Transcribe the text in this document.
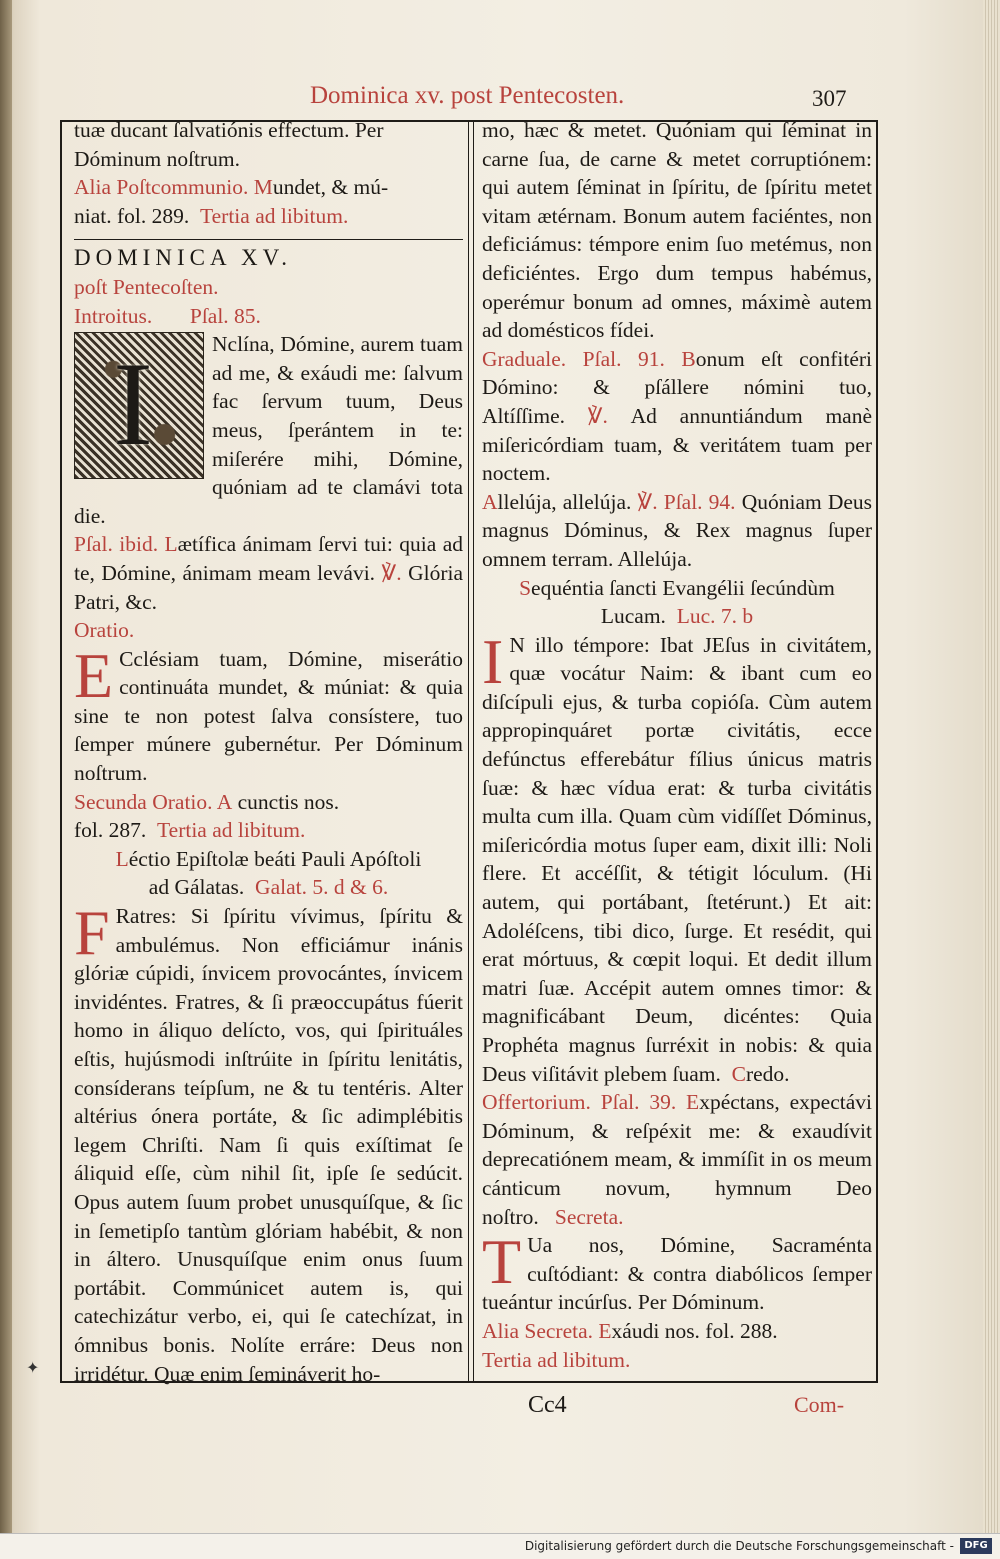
Dominica xv. post Pentecosten.	307

tuæ ducant ſalvatiónis effectum. Per

Dóminum noſtrum.

Alia Poſtcommunio. Mundet, & mú-

niat. fol. 289. Tertia ad libitum.

DOMINICA XV.

poſt Pentecoſten.

Introitus. Pſal. 85.

I	Nclína, Dómine, aurem tuam ad me, & exáudi me: ſalvum fac ſervum tuum, Deus meus, ſperántem in te: miſerére mihi, Dómine, quóniam ad te clamávi tota die.

Pſal. ibid. Lætífica ánimam ſervi tui: quia ad te, Dómine, ánimam meam levávi. ℣. Glória Patri, &c.

Oratio.

E Cclésiam tuam, Dómine, miserátio continuáta mundet, & múniat: & quia sine te non potest ſalva consístere, tuo ſemper múnere gubernétur. Per Dóminum noſtrum.

Secunda Oratio. A cunctis nos.

fol. 287. Tertia ad libitum.

Léctio Epiſtolæ beáti Pauli Apóſtoli

ad Gálatas. Galat. 5. d & 6.

F Ratres: Si ſpíritu vívimus, ſpíritu & ambulémus. Non efficiámur inánis glóriæ cúpidi, ínvicem provocántes, ínvicem invidéntes. Fratres, & ſi præoccupátus fúerit homo in áliquo delícto, vos, qui ſpirituáles eſtis, hujúsmodi inſtrúite in ſpíritu lenitátis, consíderans teípſum, ne & tu tentéris. Alter altérius ónera portáte, & ſic adimplébitis legem Chriſti. Nam ſi quis exíſtimat ſe áliquid eſſe, cùm nihil ſit, ipſe ſe sedúcit. Opus autem ſuum probet unusquíſque, & ſic in ſemetipſo tantùm glóriam habébit, & non in áltero. Unusquíſque enim onus ſuum portábit. Commúnicet autem is, qui catechizátur verbo, ei, qui ſe catechízat, in ómnibus bonis. Nolíte erráre: Deus non irridétur. Quæ enim ſemináverit ho-

mo, hæc & metet. Quóniam qui ſéminat in carne ſua, de carne & metet corruptiónem: qui autem ſéminat in ſpíritu, de ſpíritu metet vitam ætérnam. Bonum autem faciéntes, non deficiámus: témpore enim ſuo metémus, non deficiéntes. Ergo dum tempus habémus, operémur bonum ad omnes, máximè autem ad domésticos fídei.

Graduale. Pſal. 91. Bonum eſt confitéri Dómino: & pſállere nómini tuo, Altíſſime. ℣. Ad annuntiándum manè miſericórdiam tuam, & veritátem tuam per noctem.

Allelúja, allelúja. ℣. Pſal. 94. Quóniam Deus magnus Dóminus, & Rex magnus ſuper omnem terram. Allelúja.

Sequéntia ſancti Evangélii ſecúndùm

Lucam. Luc. 7. b

I N illo témpore: Ibat JEſus in civitátem, quæ vocátur Naim: & ibant cum eo diſcípuli ejus, & turba copióſa. Cùm autem appropinquáret portæ civitátis, ecce defúnctus efferebátur fílius únicus matris ſuæ: & hæc vídua erat: & turba civitátis multa cum illa. Quam cùm vidíſſet Dóminus, miſericórdia motus ſuper eam, dixit illi: Noli flere. Et accéſſit, & tétigit lóculum. (Hi autem, qui portábant, ſtetérunt.) Et ait: Adoléſcens, tibi dico, ſurge. Et resédit, qui erat mórtuus, & cœpit loqui. Et dedit illum matri ſuæ. Accépit autem omnes timor: & magnificábant Deum, dicéntes: Quia Prophéta magnus ſurréxit in nobis: & quia Deus viſitávit plebem ſuam. Credo.

Offertorium. Pſal. 39. Expéctans, expectávi Dóminum, & reſpéxit me: & exaudívit deprecatiónem meam, & immíſit in os meum cánticum novum, hymnum Deo noſtro. Secreta.

T Ua nos, Dómine, Sacraménta cuſtódiant: & contra diabólicos ſemper tueántur incúrſus. Per Dóminum.

Alia Secreta. Exáudi nos. fol. 288.

Tertia ad libitum.

✦
Cc4	Com-
Digitalisierung gefördert durch die Deutsche Forschungsgemeinschaft -	DFG
